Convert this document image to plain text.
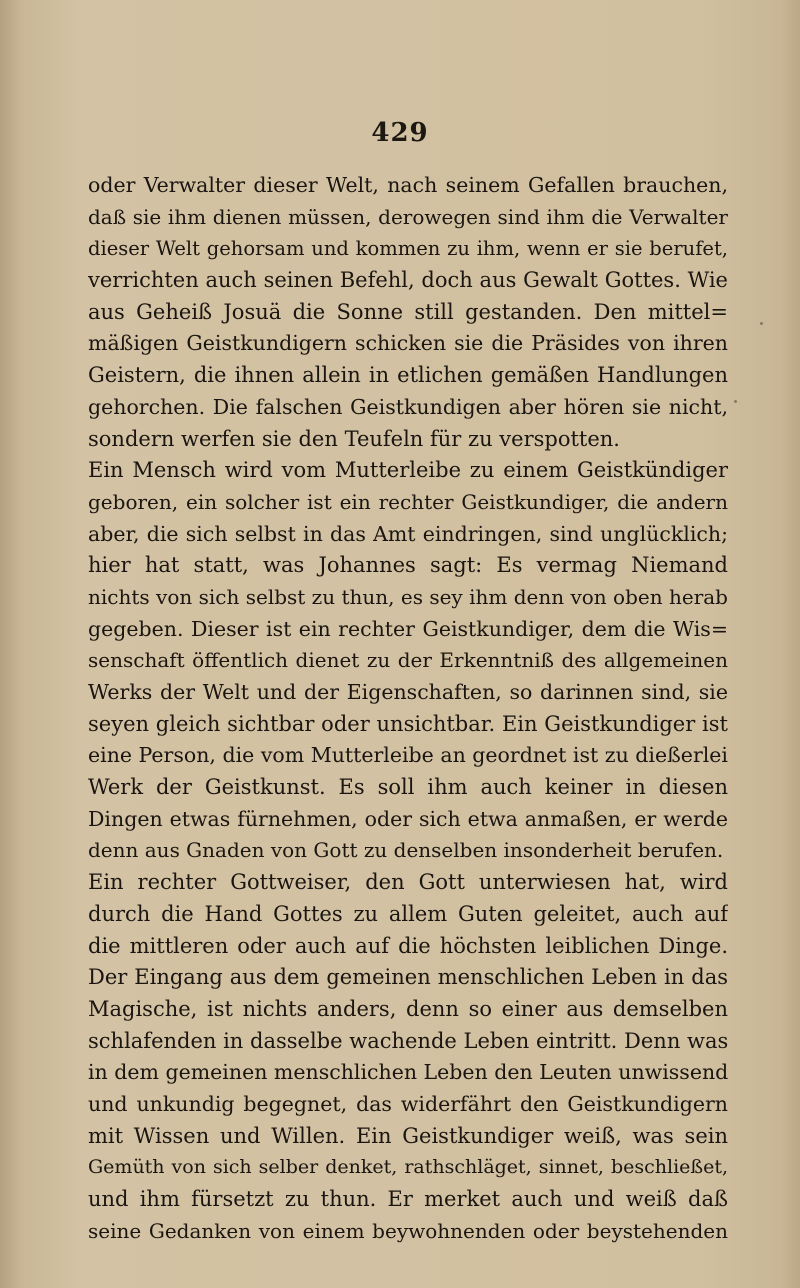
429
oder Verwalter dieser Welt, nach seinem Gefallen brauchen,
daß sie ihm dienen müssen, derowegen sind ihm die Verwalter
dieser Welt gehorsam und kommen zu ihm, wenn er sie berufet,
verrichten auch seinen Befehl, doch aus Gewalt Gottes. Wie
aus Geheiß Josuä die Sonne still gestanden. Den mittel=
mäßigen Geistkundigern schicken sie die Präsides von ihren
Geistern, die ihnen allein in etlichen gemäßen Handlungen
gehorchen. Die falschen Geistkundigen aber hören sie nicht,
sondern werfen sie den Teufeln für zu verspotten.
Ein Mensch wird vom Mutterleibe zu einem Geistkündiger
geboren, ein solcher ist ein rechter Geistkundiger, die andern
aber, die sich selbst in das Amt eindringen, sind unglücklich;
hier hat statt, was Johannes sagt: Es vermag Niemand
nichts von sich selbst zu thun, es sey ihm denn von oben herab
gegeben. Dieser ist ein rechter Geistkundiger, dem die Wis=
senschaft öffentlich dienet zu der Erkenntniß des allgemeinen
Werks der Welt und der Eigenschaften, so darinnen sind, sie
seyen gleich sichtbar oder unsichtbar. Ein Geistkundiger ist
eine Person, die vom Mutterleibe an geordnet ist zu dießerlei
Werk der Geistkunst. Es soll ihm auch keiner in diesen
Dingen etwas fürnehmen, oder sich etwa anmaßen, er werde
denn aus Gnaden von Gott zu denselben insonderheit berufen.
Ein rechter Gottweiser, den Gott unterwiesen hat, wird
durch die Hand Gottes zu allem Guten geleitet, auch auf
die mittleren oder auch auf die höchsten leiblichen Dinge.
Der Eingang aus dem gemeinen menschlichen Leben in das
Magische, ist nichts anders, denn so einer aus demselben
schlafenden in dasselbe wachende Leben eintritt. Denn was
in dem gemeinen menschlichen Leben den Leuten unwissend
und unkundig begegnet, das widerfährt den Geistkundigern
mit Wissen und Willen. Ein Geistkundiger weiß, was sein
Gemüth von sich selber denket, rathschläget, sinnet, beschließet,
und ihm fürsetzt zu thun. Er merket auch und weiß daß
seine Gedanken von einem beywohnenden oder beystehenden
